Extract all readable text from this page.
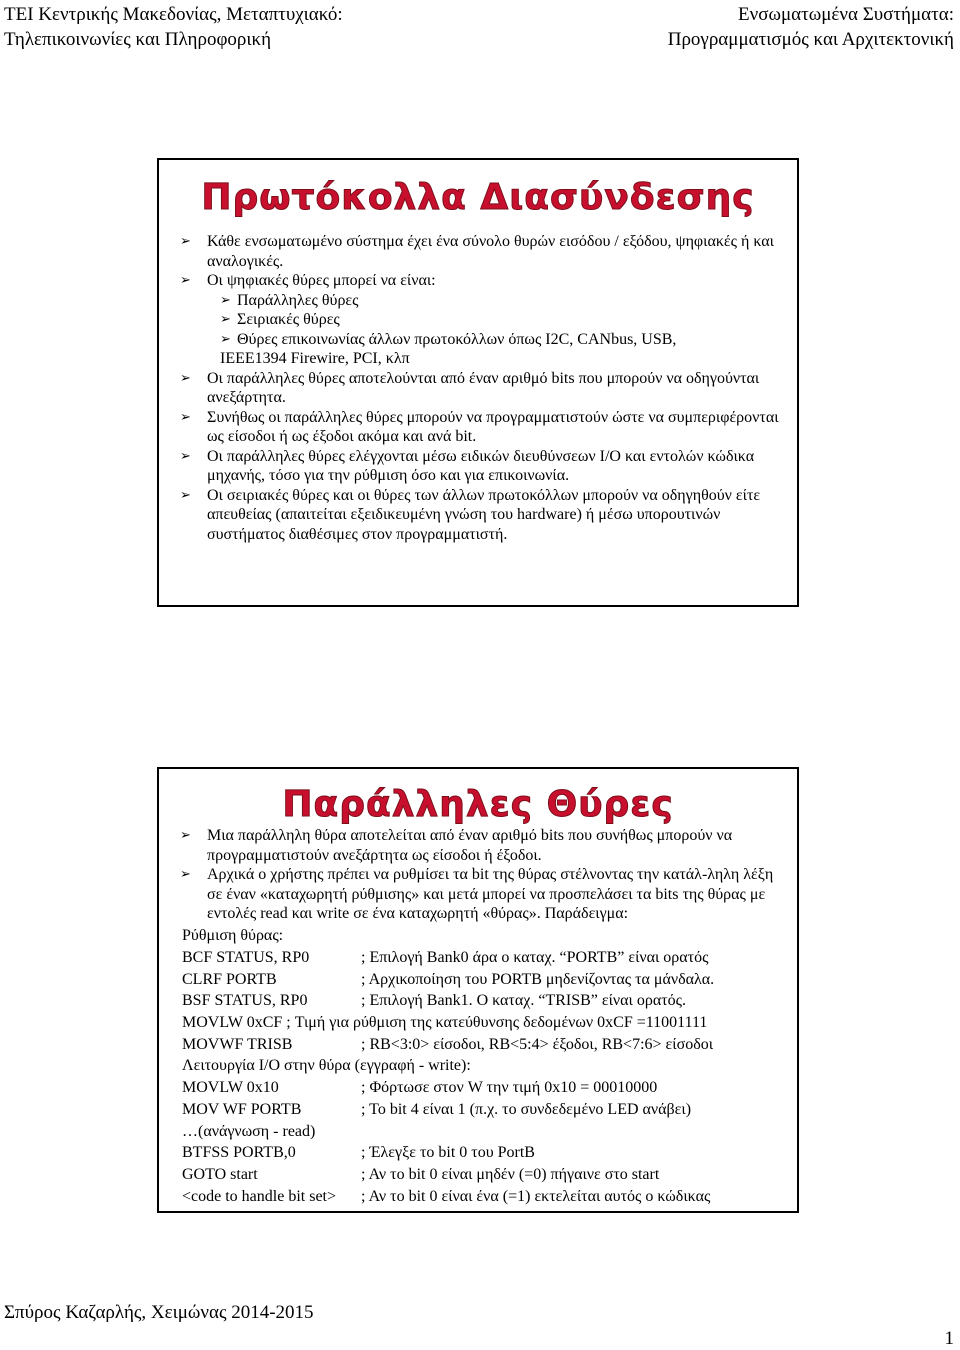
ΤΕΙ Κεντρικής Μακεδονίας, Μεταπτυχιακό:
Τηλεπικοινωνίες και Πληροφορική
Ενσωματωμένα Συστήματα:
Προγραμματισμός και Αρχιτεκτονική
Πρωτόκολλα Διασύνδεσης
➢ Κάθε ενσωματωμένο σύστημα έχει ένα σύνολο θυρών εισόδου / εξόδου, ψηφιακές ή και αναλογικές.
➢ Οι ψηφιακές θύρες μπορεί να είναι:
➢ Παράλληλες θύρες
➢ Σειριακές θύρες
➢ Θύρες επικοινωνίας άλλων πρωτοκόλλων όπως I2C, CANbus, USB,
IEEE1394 Firewire, PCI, κλπ
➢ Οι παράλληλες θύρες αποτελούνται από έναν αριθμό bits που μπορούν να οδηγούνται ανεξάρτητα.
➢ Συνήθως οι παράλληλες θύρες μπορούν να προγραμματιστούν ώστε να συμπεριφέρονται ως είσοδοι ή ως έξοδοι ακόμα και ανά bit.
➢ Οι παράλληλες θύρες ελέγχονται μέσω ειδικών διευθύνσεων I/O και εντολών κώδικα μηχανής, τόσο για την ρύθμιση όσο και για επικοινωνία.
➢ Οι σειριακές θύρες και οι θύρες των άλλων πρωτοκόλλων μπορούν να οδηγηθούν είτε απευθείας (απαιτείται εξειδικευμένη γνώση του hardware) ή μέσω υπορουτινών συστήματος διαθέσιμες στον προγραμματιστή.
Παράλληλες Θύρες
➢ Μια παράλληλη θύρα αποτελείται από έναν αριθμό bits που συνήθως μπορούν να προγραμματιστούν ανεξάρτητα ως είσοδοι ή έξοδοι.
➢ Αρχικά ο χρήστης πρέπει να ρυθμίσει τα bit της θύρας στέλνοντας την κατάλ-ληλη λέξη σε έναν «καταχωρητή ρύθμισης» και μετά μπορεί να προσπελάσει τα bits της θύρας με εντολές read και write σε ένα καταχωρητή «θύρας». Παράδειγμα:
Ρύθμιση θύρας:
BCF STATUS, RP0	; Επιλογή Bank0 άρα ο καταχ. “PORTB” είναι ορατός
CLRF PORTB	; Αρχικοποίηση του PORTB μηδενίζοντας τα μάνδαλα.
BSF STATUS, RP0	; Επιλογή Bank1. Ο καταχ. “TRISB” είναι ορατός.
MOVLW 0xCF ; Τιμή για ρύθμιση της κατεύθυνσης δεδομένων 0xCF =11001111
MOVWF TRISB	; RB<3:0> είσοδοι, RB<5:4> έξοδοι, RB<7:6> είσοδοι
Λειτουργία I/O στην θύρα (εγγραφή - write):
MOVLW 0x10	; Φόρτωσε στον W την τιμή 0x10 = 00010000
MOV WF PORTB	; Το bit 4 είναι 1 (π.χ. το συνδεδεμένο LED ανάβει)
…(ανάγνωση - read)
BTFSS PORTB,0	; Έλεγξε το bit 0 του PortB
GOTO start	; Αν το bit 0 είναι μηδέν (=0) πήγαινε στο start
<code to handle bit set>	; Αν το bit 0 είναι ένα (=1) εκτελείται αυτός ο κώδικας
Σπύρος Καζαρλής, Χειμώνας 2014-2015
1
